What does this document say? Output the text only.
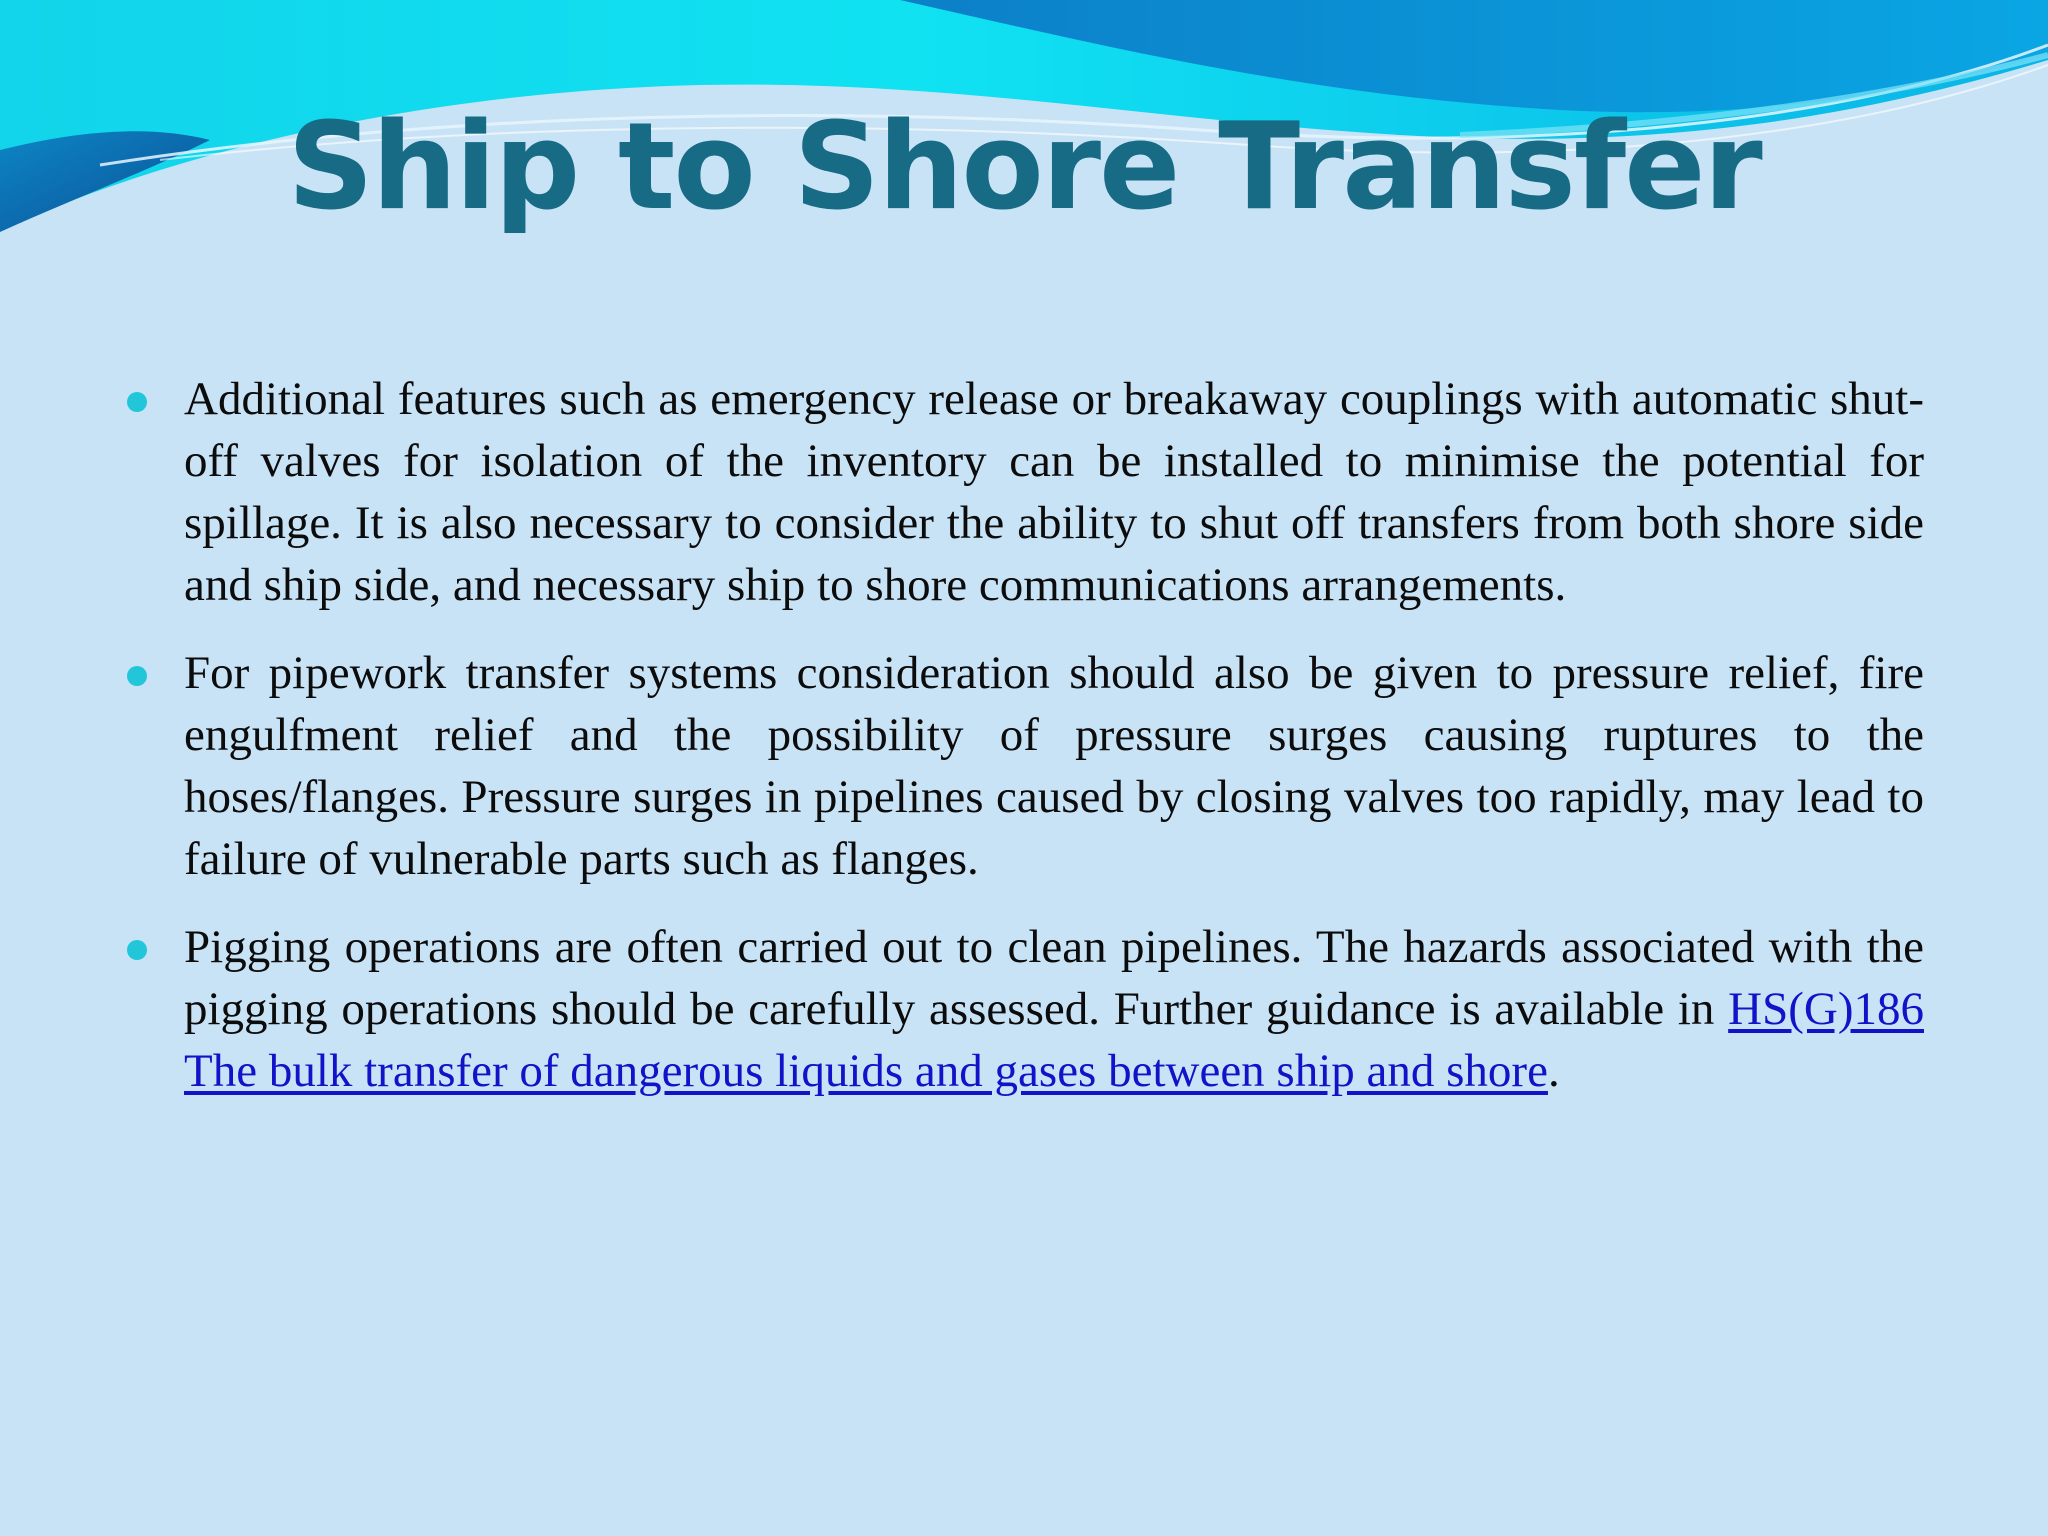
Ship to Shore Transfer
Additional features such as emergency release or breakaway couplings with automatic shut-off valves for isolation of the inventory can be installed to minimise the potential for spillage. It is also necessary to consider the ability to shut off transfers from both shore side and ship side, and necessary ship to shore communications arrangements.
For pipework transfer systems consideration should also be given to pressure relief, fire engulfment relief and the possibility of pressure surges causing ruptures to the hoses/flanges. Pressure surges in pipelines caused by closing valves too rapidly, may lead to failure of vulnerable parts such as flanges.
Pigging operations are often carried out to clean pipelines. The hazards associated with the pigging operations should be carefully assessed. Further guidance is available in HS(G)186 The bulk transfer of dangerous liquids and gases between ship and shore.
